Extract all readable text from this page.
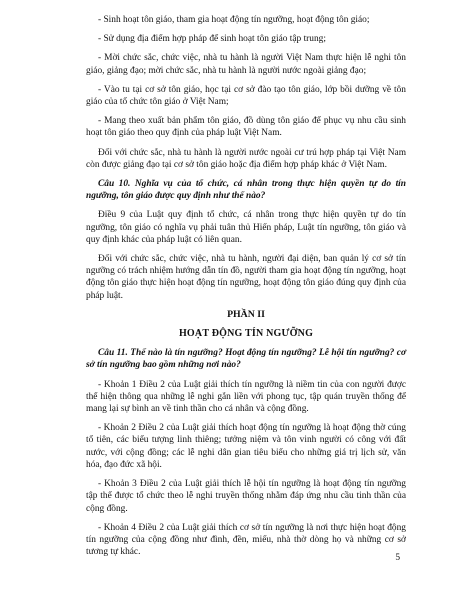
- Sinh hoạt tôn giáo, tham gia hoạt động tín ngưỡng, hoạt động tôn giáo;

- Sử dụng địa điểm hợp pháp để sinh hoạt tôn giáo tập trung;

- Mời chức sắc, chức việc, nhà tu hành là người Việt Nam thực hiện lễ nghi tôn giáo, giảng đạo; mời chức sắc, nhà tu hành là người nước ngoài giảng đạo;

- Vào tu tại cơ sở tôn giáo, học tại cơ sở đào tạo tôn giáo, lớp bồi dưỡng về tôn giáo của tổ chức tôn giáo ở Việt Nam;

- Mang theo xuất bản phẩm tôn giáo, đồ dùng tôn giáo để phục vụ nhu cầu sinh hoạt tôn giáo theo quy định của pháp luật Việt Nam.

Đối với chức sắc, nhà tu hành là người nước ngoài cư trú hợp pháp tại Việt Nam còn được giảng đạo tại cơ sở tôn giáo hoặc địa điểm hợp pháp khác ở Việt Nam.

Câu 10. Nghĩa vụ của tổ chức, cá nhân trong thực hiện quyền tự do tín ngưỡng, tôn giáo được quy định như thế nào?

Điều 9 của Luật quy định tổ chức, cá nhân trong thực hiện quyền tự do tín ngưỡng, tôn giáo có nghĩa vụ phải tuân thủ Hiến pháp, Luật tín ngưỡng, tôn giáo và quy định khác của pháp luật có liên quan.

Đối với chức sắc, chức việc, nhà tu hành, người đại diện, ban quản lý cơ sở tín ngưỡng có trách nhiệm hướng dẫn tín đồ, người tham gia hoạt động tín ngưỡng, hoạt động tôn giáo thực hiện hoạt động tín ngưỡng, hoạt động tôn giáo đúng quy định của pháp luật.

PHẦN II

HOẠT ĐỘNG TÍN NGƯỠNG

Câu 11. Thế nào là tín ngưỡng? Hoạt động tín ngưỡng? Lễ hội tín ngưỡng? cơ sở tín ngưỡng bao gồm những nơi nào?

- Khoản 1 Điều 2 của Luật giải thích tín ngưỡng là niềm tin của con người được thể hiện thông qua những lễ nghi gắn liền với phong tục, tập quán truyền thống để mang lại sự bình an về tinh thần cho cá nhân và cộng đồng.

- Khoản 2 Điều 2 của Luật giải thích hoạt động tín ngưỡng là hoạt động thờ cúng tổ tiên, các biểu tượng linh thiêng; tưởng niệm và tôn vinh người có công với đất nước, với cộng đồng; các lễ nghi dân gian tiêu biểu cho những giá trị lịch sử, văn hóa, đạo đức xã hội.

- Khoản 3 Điều 2 của Luật giải thích lễ hội tín ngưỡng là hoạt động tín ngưỡng tập thể được tổ chức theo lễ nghi truyền thống nhằm đáp ứng nhu cầu tinh thần của cộng đồng.

- Khoản 4 Điều 2 của Luật giải thích cơ sở tín ngưỡng là nơi thực hiện hoạt động tín ngưỡng của cộng đồng như đình, đền, miếu, nhà thờ dòng họ và những cơ sở tương tự khác.

5
